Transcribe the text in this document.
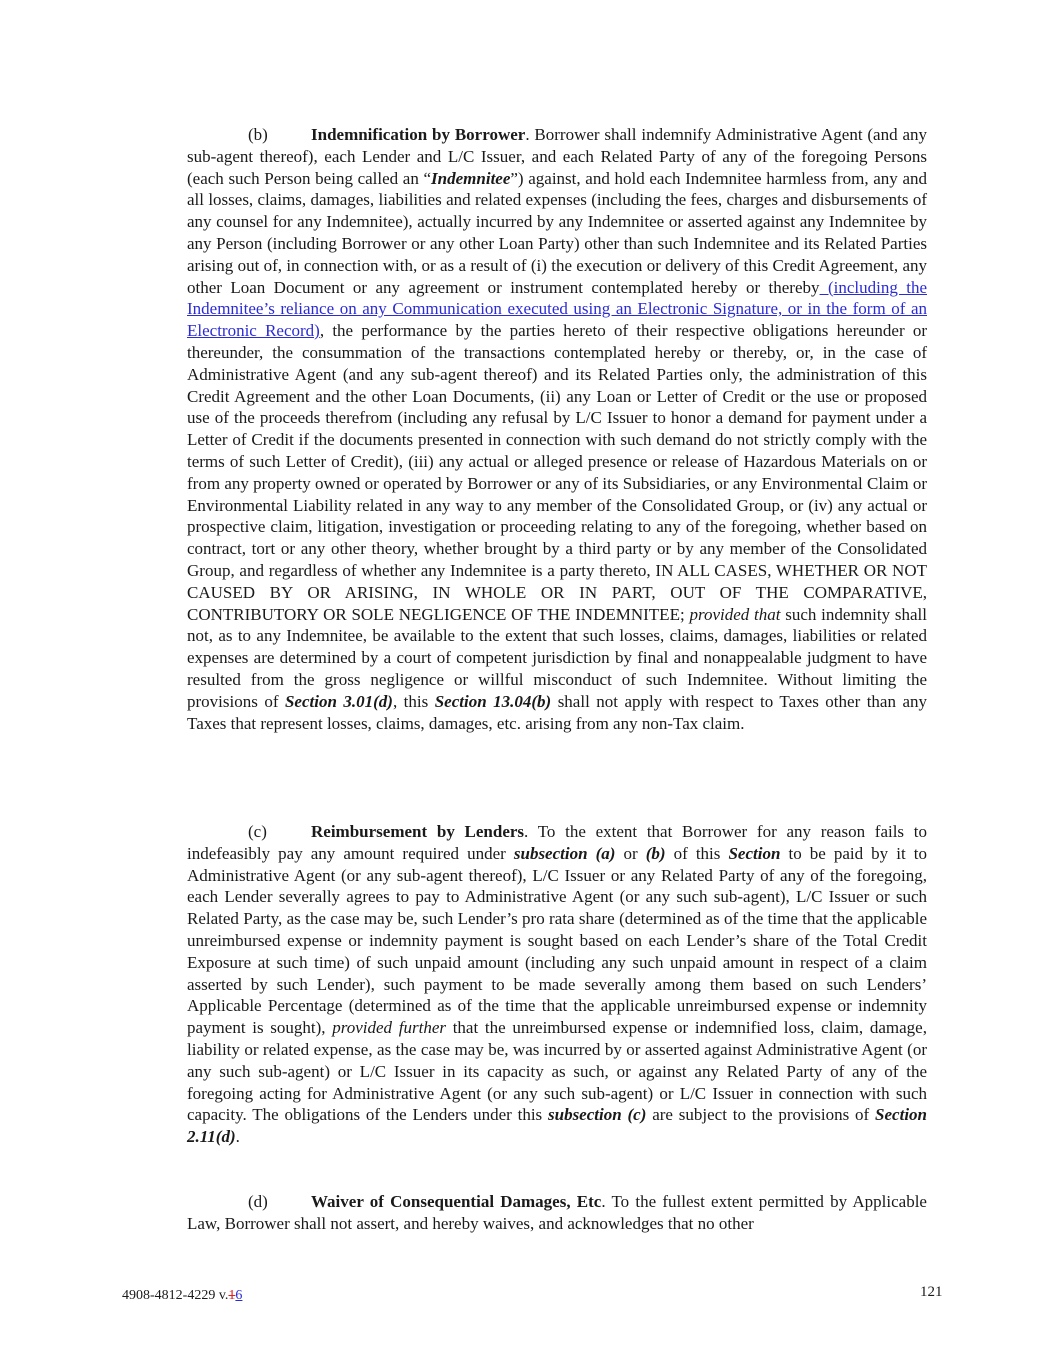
(b)	Indemnification by Borrower. Borrower shall indemnify Administrative Agent (and any sub-agent thereof), each Lender and L/C Issuer, and each Related Party of any of the foregoing Persons (each such Person being called an “Indemnitee”) against, and hold each Indemnitee harmless from, any and all losses, claims, damages, liabilities and related expenses (including the fees, charges and disbursements of any counsel for any Indemnitee), actually incurred by any Indemnitee or asserted against any Indemnitee by any Person (including Borrower or any other Loan Party) other than such Indemnitee and its Related Parties arising out of, in connection with, or as a result of (i) the execution or delivery of this Credit Agreement, any other Loan Document or any agreement or instrument contemplated hereby or thereby (including the Indemnitee’s reliance on any Communication executed using an Electronic Signature, or in the form of an Electronic Record), the performance by the parties hereto of their respective obligations hereunder or thereunder, the consummation of the transactions contemplated hereby or thereby, or, in the case of Administrative Agent (and any sub-agent thereof) and its Related Parties only, the administration of this Credit Agreement and the other Loan Documents, (ii) any Loan or Letter of Credit or the use or proposed use of the proceeds therefrom (including any refusal by L/C Issuer to honor a demand for payment under a Letter of Credit if the documents presented in connection with such demand do not strictly comply with the terms of such Letter of Credit), (iii) any actual or alleged presence or release of Hazardous Materials on or from any property owned or operated by Borrower or any of its Subsidiaries, or any Environmental Claim or Environmental Liability related in any way to any member of the Consolidated Group, or (iv) any actual or prospective claim, litigation, investigation or proceeding relating to any of the foregoing, whether based on contract, tort or any other theory, whether brought by a third party or by any member of the Consolidated Group, and regardless of whether any Indemnitee is a party thereto, IN ALL CASES, WHETHER OR NOT CAUSED BY OR ARISING, IN WHOLE OR IN PART, OUT OF THE COMPARATIVE, CONTRIBUTORY OR SOLE NEGLIGENCE OF THE INDEMNITEE; provided that such indemnity shall not, as to any Indemnitee, be available to the extent that such losses, claims, damages, liabilities or related expenses are determined by a court of competent jurisdiction by final and nonappealable judgment to have resulted from the gross negligence or willful misconduct of such Indemnitee. Without limiting the provisions of Section 3.01(d), this Section 13.04(b) shall not apply with respect to Taxes other than any Taxes that represent losses, claims, damages, etc. arising from any non-Tax claim.

(c)	Reimbursement by Lenders. To the extent that Borrower for any reason fails to indefeasibly pay any amount required under subsection (a) or (b) of this Section to be paid by it to Administrative Agent (or any sub-agent thereof), L/C Issuer or any Related Party of any of the foregoing, each Lender severally agrees to pay to Administrative Agent (or any such sub-agent), L/C Issuer or such Related Party, as the case may be, such Lender’s pro rata share (determined as of the time that the applicable unreimbursed expense or indemnity payment is sought based on each Lender’s share of the Total Credit Exposure at such time) of such unpaid amount (including any such unpaid amount in respect of a claim asserted by such Lender), such payment to be made severally among them based on such Lenders’ Applicable Percentage (determined as of the time that the applicable unreimbursed expense or indemnity payment is sought), provided further that the unreimbursed expense or indemnified loss, claim, damage, liability or related expense, as the case may be, was incurred by or asserted against Administrative Agent (or any such sub-agent) or L/C Issuer in its capacity as such, or against any Related Party of any of the foregoing acting for Administrative Agent (or any such sub-agent) or L/C Issuer in connection with such capacity. The obligations of the Lenders under this subsection (c) are subject to the provisions of Section 2.11(d).

(d)	Waiver of Consequential Damages, Etc. To the fullest extent permitted by Applicable Law, Borrower shall not assert, and hereby waives, and acknowledges that no other

4908-4812-4229 v.16	121
